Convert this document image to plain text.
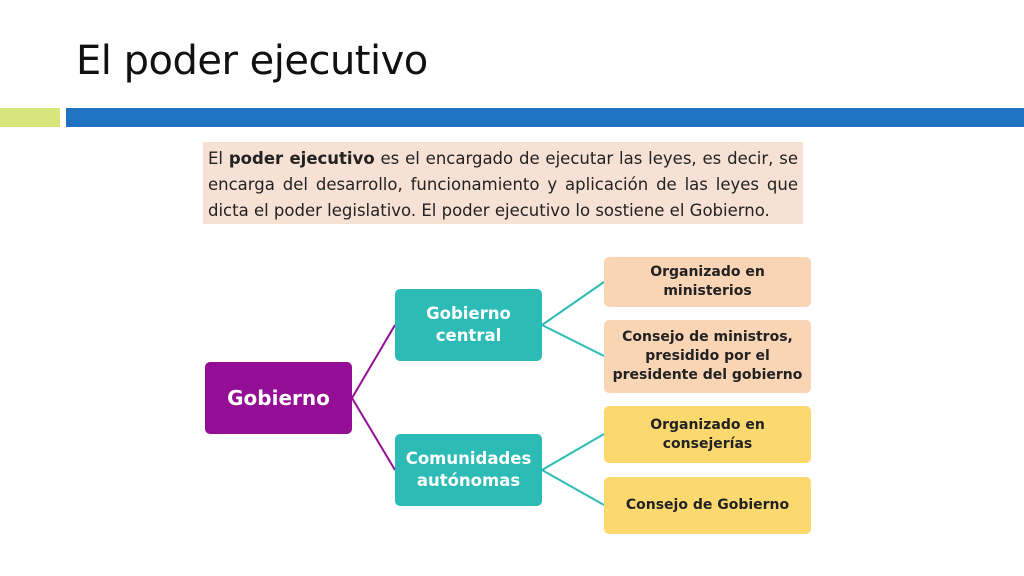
El poder ejecutivo
El poder ejecutivo es el encargado de ejecutar las leyes, es decir, se encarga del desarrollo, funcionamiento y aplicación de las leyes que dicta el poder legislativo. El poder ejecutivo lo sostiene el Gobierno.
Gobierno
Gobierno central
Comunidades autónomas
Organizado en ministerios
Consejo de ministros, presidido por el presidente del gobierno
Organizado en consejerías
Consejo de Gobierno
